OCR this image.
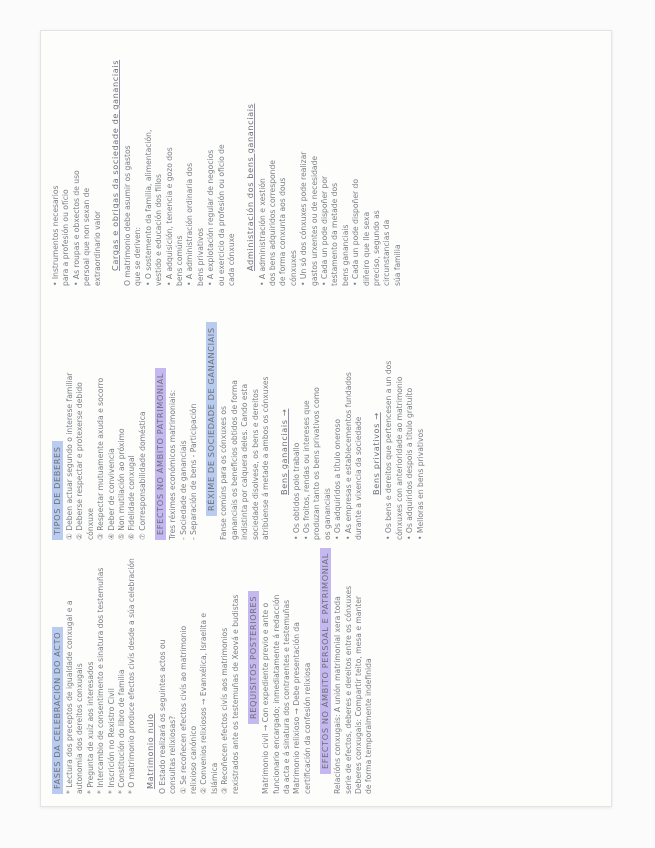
FASES DA CELEBRACIÓN DO ACTO * Lectura dos preceptos de igualdade conxugal e a autonomía dos dereitos conxugais * Pregunta de xuíz aos interesados * Intercambio de consentimento e sinatura dos testemuñas * Inscrición no Rexistro Civil * Constitución do libro de familia * O matrimonio produce efectos civís desde a súa celebración	Matrimonio nulo O Estado realizará os seguintes actos ou consultas relixiosas? ① Se recoñecen efectos civís ao matrimonio relixioso canónico ② Convenios relixiosos → Evanxélica, Israelita e Islámica ③ Recoñecen efectos civís aos matrimonios rexistrados ante os testemuñas de Xeová e budistas	REQUISITOS POSTERIORES Matrimonio civil → Con expediente previo e ante o funcionario encargado; inmediatamente á redacción da acta e á sinatura dos contraentes e testemuñas Matrimonio relixioso → Debe presentación da certificación da confesión relixiosa	EFECTOS NO ÁMBITO PERSOAL E PATRIMONIAL Relacións conxugais: A unión matrimonial xera toda serie de efectos, deberes e dereitos entre os cónxuxes Deberes conxugais: Compartir teito, mesa e manter de forma temporalmente indefinida
TIPOS DE DEBERES ① Deben actuar segundo o interese familiar ② Deberse respectar e protexerse debido cónxuxe ③ Respectar mutuamente axuda e socorro ④ Deber de convivencia ⑤ Non mutilación ao próximo ⑥ Fidelidade conxugal ⑦ Corresponsabilidade doméstica	EFECTOS NO ÁMBITO PATRIMONIAL Tres réximes económicos matrimoniais: - Sociedade de gananciais - Separación de bens - Participación	RÉXIME DE SOCIEDADE DE GANANCIAIS Fanse comúns para os cónxuxes os gananciais os beneficios obtidos de forma indistinta por calquera deles. Cando esta sociedade disolvese, os bens e dereitos atribúense á metade a ambos os cónxuxes	Bens gananciais → • Os obtidos polo traballo • Os froitos, rendas ou intereses que produzan tanto os bens privativos como os gananciais • Os adquiridos a título oneroso • As empresas e establecementos fundados durante a vixencia da sociedade	Bens privativos → • Os bens e dereitos que pertencesen a un dos cónxuxes con anterioridade ao matrimonio • Os adquiridos despois a título gratuíto • Melloras en bens privativos
• Instrumentos necesarios para a profesión ou ofício • As roupas e obxectos de uso persoal que non sexan de extraordinario valor	Cargas e obrigas da sociedade de gananciais O matrimonio debe asumir os gastos que se deriven: • O sostemento da familia, alimentación, vestido e educación dos fillos • A adquisición, tenencia e gozo dos bens comúns • A administración ordinaria dos bens privativos • A explotación regular de negocios ou exercicio da profesión ou oficio de cada cónxuxe	Administración dos bens gananciais • A administración e xestión dos bens adquiridos corresponde de forma conxunta aos dous cónxuxes • Un só dos cónxuxes pode realizar gastos urxentes ou de necesidade • Cada un pode dispoñer por testamento da metade dos bens gananciais • Cada un pode dispoñer do diñeiro que lle sexa preciso, segundo as circunstancias da súa familia
